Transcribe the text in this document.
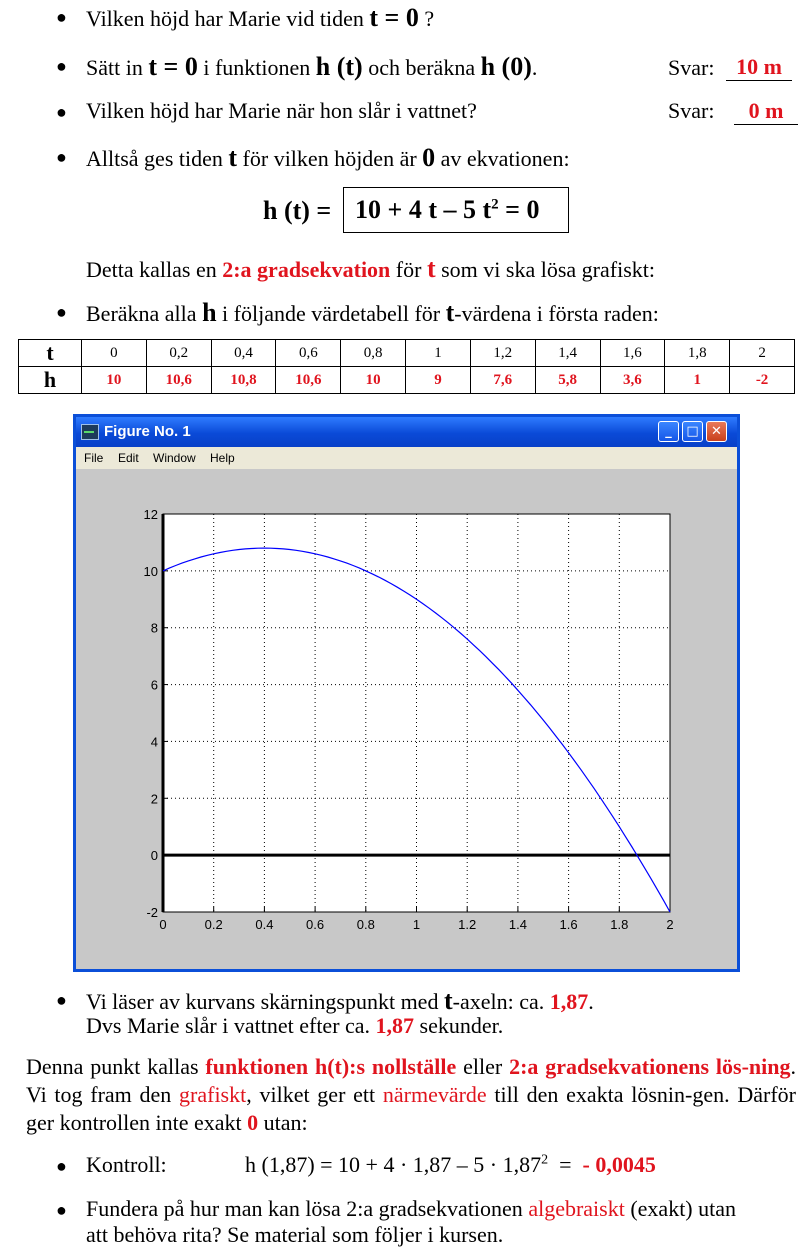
● Vilken höjd har Marie vid tiden t = 0 ?
● Sätt in t = 0 i funktionen h (t) och beräkna h (0).	Svar: 10 m
● Vilken höjd har Marie när hon slår i vattnet?	Svar:	0 m
● Alltså ges tiden t för vilken höjden är 0 av ekvationen:
h (t) = 10 + 4 t – 5 $t^2 = 0$
Detta kallas en 2:a gradsekvation för t som vi ska lösa grafiskt:
● Beräkna alla h i följande värdetabell för t-värdena i första raden:
t	0	0,2	0,4	0,6	0,8	1	1,2	1,4	1,6	1,8	2
h	10	10,6	10,8	10,6	10	9	7,6	5,8	3,6	1	-2
Figure No. 1	_	□ ✕
File Edit Window Help
0	0.2	0.4	0.6	0.8	1	1.2	1.4	1.6	1.8	2
-2
0
2
4
6
8
10
12
● Vi läser av kurvans skärningspunkt med t-axeln: ca. 1,87.
Dvs Marie slår i vattnet efter ca. 1,87 sekunder.
Denna punkt kallas funktionen h(t):s nollställe eller 2:a gradsekvationens lös-ning. Vi tog fram den grafiskt, vilket ger ett närmevärde till den exakta lösnin-gen. Därför ger kontrollen inte exakt 0 utan:
● Kontroll:	h $(1,87) = 10 + 4 \cdot 1,87 - 5 \cdot 1,87^2$  =  - 0,0045
● Fundera på hur man kan lösa 2:a gradsekvationen algebraiskt (exakt) utan
att behöva rita? Se material som följer i kursen.
